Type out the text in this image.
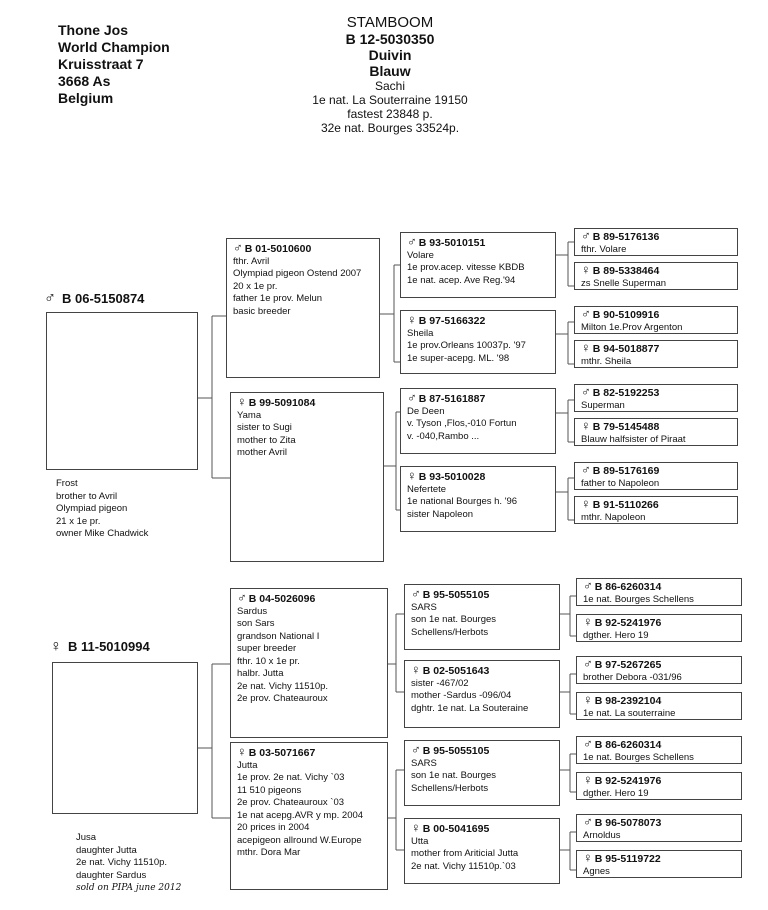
Thone Jos
World Champion
Kruisstraat 7
3668 As
Belgium
STAMBOOM
B 12-5030350
Duivin
Blauw
Sachi
1e nat. La Souterraine 19150
fastest 23848 p.
32e nat. Bourges 33524p.
♂ B 06-5150874
Frost
brother to Avril
Olympiad pigeon
21 x 1e pr.
owner Mike Chadwick
♂ B 01-5010600
fthr. Avril
Olympiad pigeon Ostend 2007
20 x 1e pr.
father 1e prov. Melun
basic breeder
♀ B 99-5091084
Yama
sister to Sugi
mother to Zita
mother Avril
♂ B 93-5010151
Volare
1e prov.acep. vitesse KBDB
1e nat. acep. Ave Reg.'94
♀ B 97-5166322
Sheila
1e prov.Orleans 10037p. '97
1e super-acepg. ML. '98
♂ B 87-5161887
De Deen
v. Tyson ,Flos,-010 Fortun
v. -040,Rambo ...
♀ B 93-5010028
Nefertete
1e national Bourges h. '96
sister Napoleon
♂ B 89-5176136
fthr. Volare
♀ B 89-5338464
zs Snelle Superman
♂ B 90-5109916
Milton 1e.Prov Argenton
♀ B 94-5018877
mthr. Sheila
♂ B 82-5192253
Superman
♀ B 79-5145488
Blauw halfsister of Piraat
♂ B 89-5176169
father to Napoleon
♀ B 91-5110266
mthr. Napoleon
♀ B 11-5010994
Jusa
daughter Jutta
2e nat. Vichy 11510p.
daughter Sardus
sold on PIPA june 2012
♂ B 04-5026096
Sardus
son Sars
grandson National I
super breeder
fthr. 10 x 1e pr.
halbr. Jutta
2e nat. Vichy 11510p.
2e prov. Chateauroux
♀ B 03-5071667
Jutta
1e prov. 2e nat. Vichy `03
11 510 pigeons
2e prov. Chateauroux `03
1e nat acepg.AVR y mp. 2004
20 prices in 2004
acepigeon allround W.Europe
mthr. Dora Mar
♂ B 95-5055105
SARS
son 1e nat. Bourges
Schellens/Herbots
♀ B 02-5051643
sister -467/02
mother -Sardus -096/04
dghtr. 1e nat. La Souteraine
♂ B 95-5055105
SARS
son 1e nat. Bourges
Schellens/Herbots
♀ B 00-5041695
Utta
mother from Ariticial Jutta
2e nat. Vichy 11510p.`03
♂ B 86-6260314
1e nat. Bourges Schellens
♀ B 92-5241976
dgther. Hero 19
♂ B 97-5267265
brother Debora -031/96
♀ B 98-2392104
1e nat. La souterraine
♂ B 86-6260314
1e nat. Bourges Schellens
♀ B 92-5241976
dgther. Hero 19
♂ B 96-5078073
Arnoldus
♀ B 95-5119722
Agnes
